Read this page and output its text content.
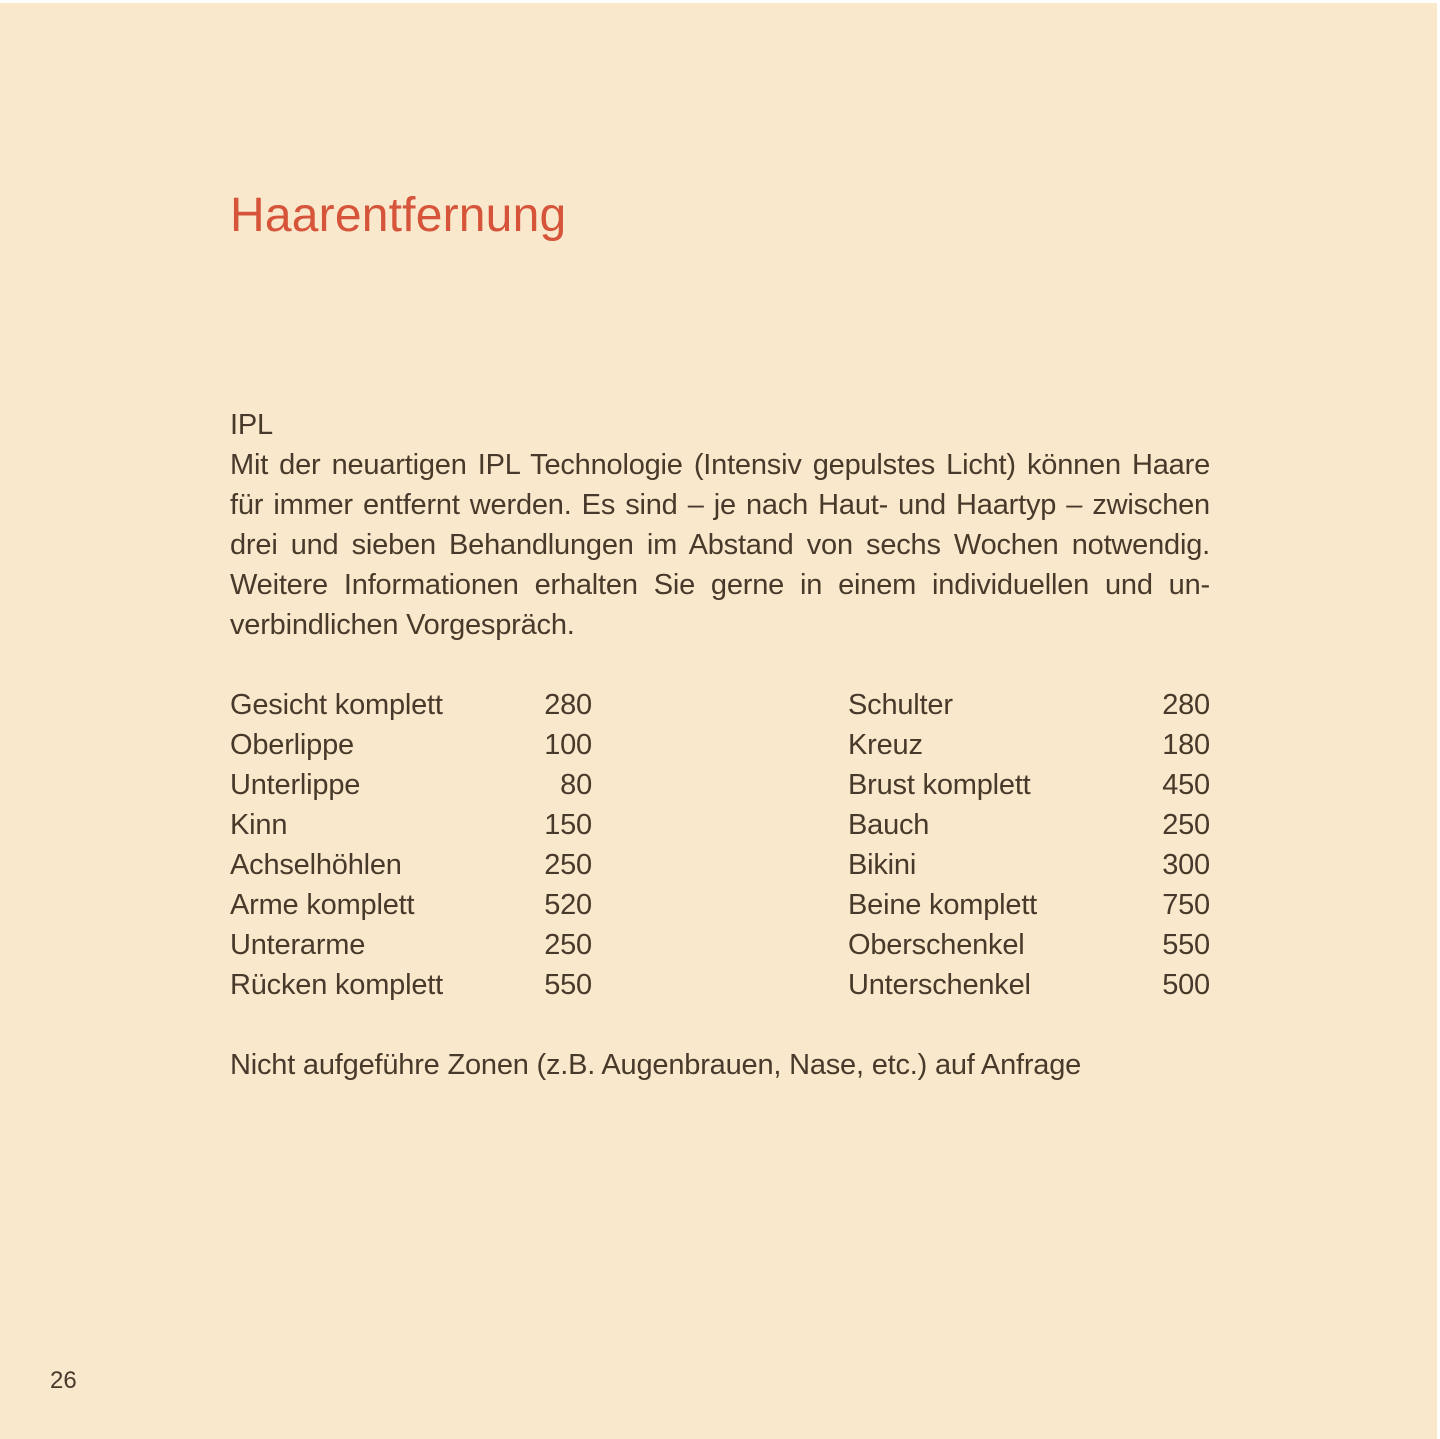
Haarentfernung
IPL
Mit der neuartigen IPL Technologie (Intensiv gepulstes Licht) können Haare
für immer entfernt werden. Es sind – je nach Haut- und Haartyp – zwischen
drei und sieben Behandlungen im Abstand von sechs Wochen notwendig.
Weitere Informationen erhalten Sie gerne in einem individuellen und un-
verbindlichen Vorgespräch.
Gesicht komplett	280
Oberlippe	100
Unterlippe	80
Kinn	150
Achselhöhlen	250
Arme komplett	520
Unterarme	250
Rücken komplett	550
Schulter	280
Kreuz	180
Brust komplett	450
Bauch	250
Bikini	300
Beine komplett	750
Oberschenkel	550
Unterschenkel	500
Nicht aufgeführe Zonen (z.B. Augenbrauen, Nase, etc.) auf Anfrage
26
